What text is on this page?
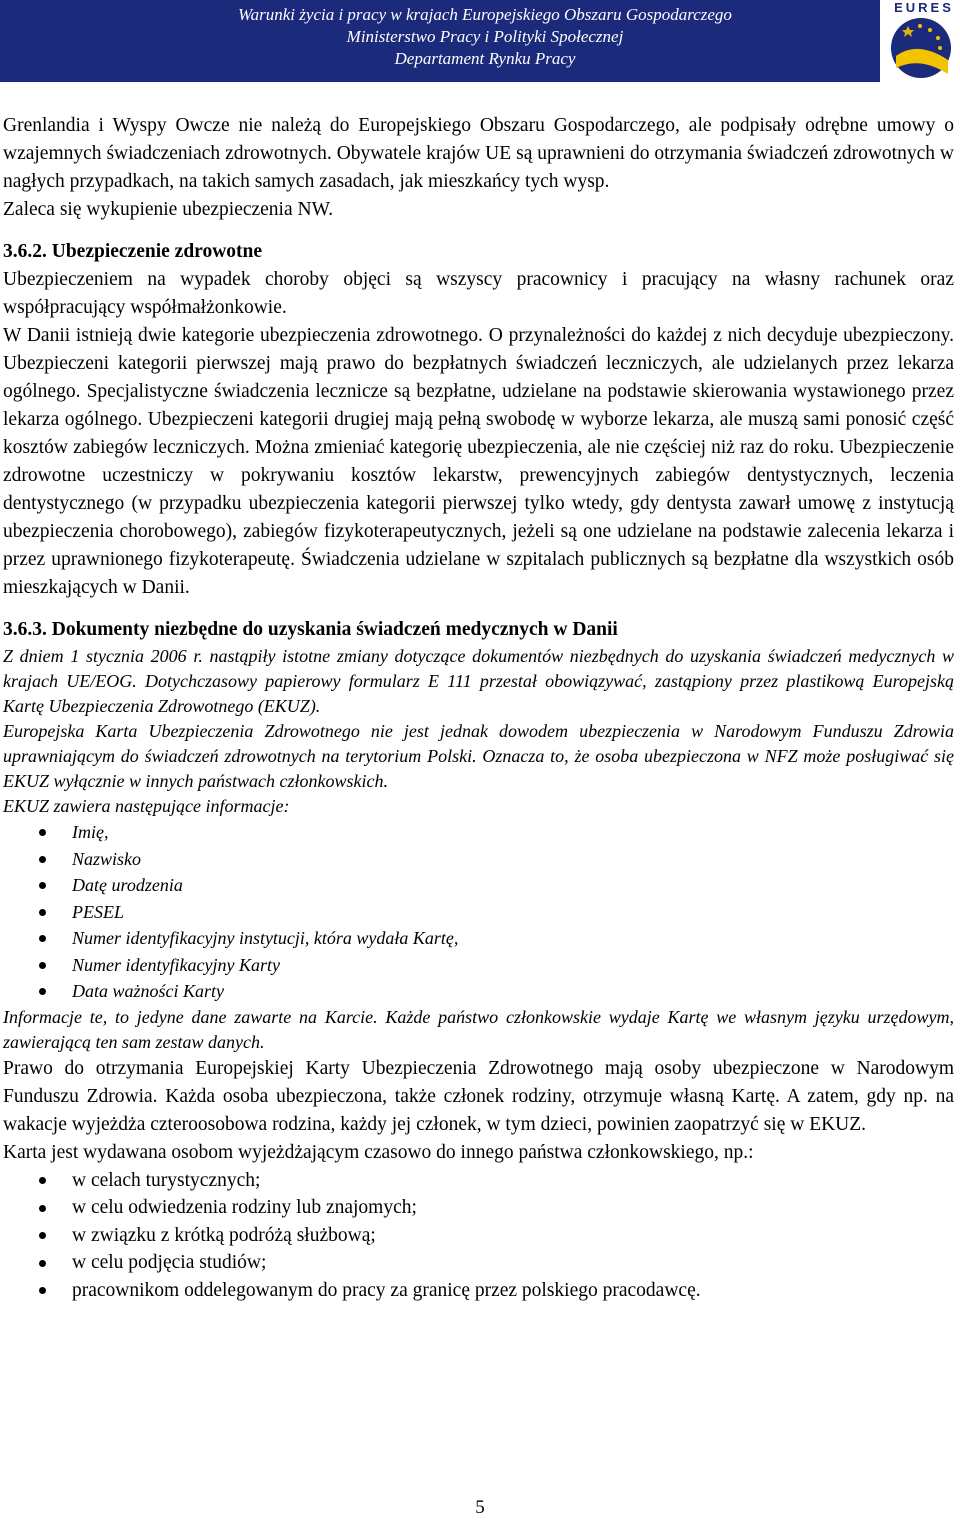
Warunki życia i pracy w krajach Europejskiego Obszaru Gospodarczego
Ministerstwo Pracy i Polityki Społecznej
Departament Rynku Pracy
EURES

Grenlandia i Wyspy Owcze nie należą do Europejskiego Obszaru Gospodarczego, ale podpisały odrębne umowy o wzajemnych świadczeniach zdrowotnych. Obywatele krajów UE są uprawnieni do otrzymania świadczeń zdrowotnych w nagłych przypadkach, na takich samych zasadach, jak mieszkańcy tych wysp.

Zaleca się wykupienie ubezpieczenia NW.

3.6.2. Ubezpieczenie zdrowotne

Ubezpieczeniem na wypadek choroby objęci są wszyscy pracownicy i pracujący na własny rachunek oraz współpracujący współmałżonkowie.

W Danii istnieją dwie kategorie ubezpieczenia zdrowotnego. O przynależności do każdej z nich decyduje ubezpieczony. Ubezpieczeni kategorii pierwszej mają prawo do bezpłatnych świadczeń leczniczych, ale udzielanych przez lekarza ogólnego. Specjalistyczne świadczenia lecznicze są bezpłatne, udzielane na podstawie skierowania wystawionego przez lekarza ogólnego. Ubezpieczeni kategorii drugiej mają pełną swobodę w wyborze lekarza, ale muszą sami ponosić część kosztów zabiegów leczniczych. Można zmieniać kategorię ubezpieczenia, ale nie częściej niż raz do roku. Ubezpieczenie zdrowotne uczestniczy w pokrywaniu kosztów lekarstw, prewencyjnych zabiegów dentystycznych, leczenia dentystycznego (w przypadku ubezpieczenia kategorii pierwszej tylko wtedy, gdy dentysta zawarł umowę z instytucją ubezpieczenia chorobowego), zabiegów fizykoterapeutycznych, jeżeli są one udzielane na podstawie zalecenia lekarza i przez uprawnionego fizykoterapeutę. Świadczenia udzielane w szpitalach publicznych są bezpłatne dla wszystkich osób mieszkających w Danii.

3.6.3. Dokumenty niezbędne do uzyskania świadczeń medycznych w Danii

Z dniem 1 stycznia 2006 r. nastąpiły istotne zmiany dotyczące dokumentów niezbędnych do uzyskania świadczeń medycznych w krajach UE/EOG. Dotychczasowy papierowy formularz E 111 przestał obowiązywać, zastąpiony przez plastikową Europejską Kartę Ubezpieczenia Zdrowotnego (EKUZ).

Europejska Karta Ubezpieczenia Zdrowotnego nie jest jednak dowodem ubezpieczenia w Narodowym Funduszu Zdrowia uprawniającym do świadczeń zdrowotnych na terytorium Polski. Oznacza to, że osoba ubezpieczona w NFZ może posługiwać się EKUZ wyłącznie w innych państwach członkowskich.

EKUZ zawiera następujące informacje:

Imię,
Nazwisko
Datę urodzenia
PESEL
Numer identyfikacyjny instytucji, która wydała Kartę,
Numer identyfikacyjny Karty
Data ważności Karty

Informacje te, to jedyne dane zawarte na Karcie. Każde państwo członkowskie wydaje Kartę we własnym języku urzędowym, zawierającą ten sam zestaw danych.

Prawo do otrzymania Europejskiej Karty Ubezpieczenia Zdrowotnego mają osoby ubezpieczone w Narodowym Funduszu Zdrowia. Każda osoba ubezpieczona, także członek rodziny, otrzymuje własną Kartę. A zatem, gdy np. na wakacje wyjeżdża czteroosobowa rodzina, każdy jej członek, w tym dzieci, powinien zaopatrzyć się w EKUZ.

Karta jest wydawana osobom wyjeżdżającym czasowo do innego państwa członkowskiego, np.:

w celach turystycznych;
w celu odwiedzenia rodziny lub znajomych;
w związku z krótką podróżą służbową;
w celu podjęcia studiów;
pracownikom oddelegowanym do pracy za granicę przez polskiego pracodawcę.
5
